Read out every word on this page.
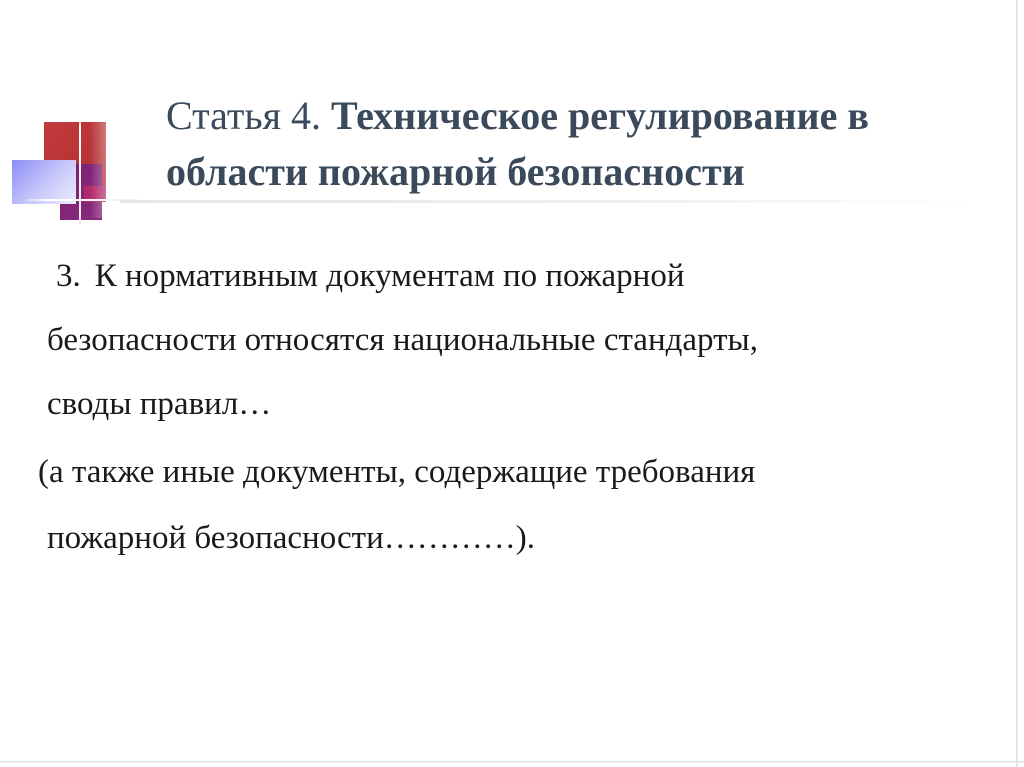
Статья 4. Техническое регулирование в
области пожарной безопасности

3. К нормативным документам по пожарной

безопасности относятся национальные стандарты,

своды правил…

(а также иные документы, содержащие требования

пожарной безопасности…………).
